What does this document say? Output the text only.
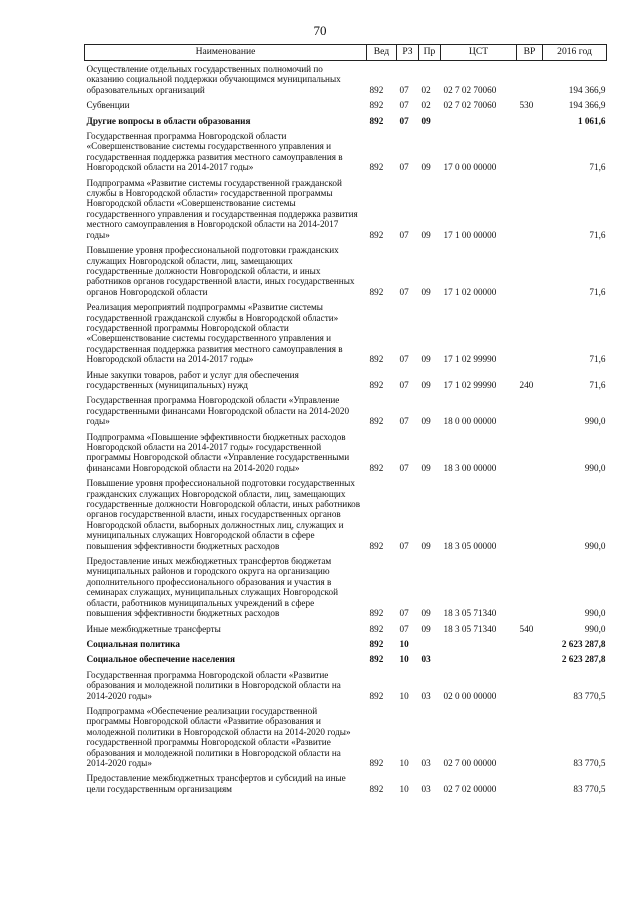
70
Наименование	Вед	РЗ	Пр	ЦСТ	ВР	2016 год
Осуществление отдельных государственных полномочий по оказанию социальной поддержки обучающимся муниципальных образовательных организаций	892	07	02	02 7 02 70060		194 366,9
Субвенции	892	07	02	02 7 02 70060	530	194 366,9
Другие вопросы в области образования	892	07	09			1 061,6
Государственная программа Новгородской области «Совершенствование системы государственного управления и государственная поддержка развития местного самоуправления в Новгородской области на 2014-2017 годы»	892	07	09	17 0 00 00000		71,6
Подпрограмма «Развитие системы государственной гражданской службы в Новгородской области» государственной программы Новгородской области «Совершенствование системы государственного управления и государственная поддержка развития местного самоуправления в Новгородской области на 2014-2017 годы»	892	07	09	17 1 00 00000		71,6
Повышение уровня профессиональной подготовки гражданских служащих Новгородской области, лиц, замещающих государственные должности Новгородской области, и иных работников органов государственной власти, иных государственных органов Новгородской области	892	07	09	17 1 02 00000		71,6
Реализация мероприятий подпрограммы «Развитие системы государственной гражданской службы в Новгородской области» государственной программы Новгородской области «Совершенствование системы государственного управления и государственная поддержка развития местного самоуправления в Новгородской области на 2014-2017 годы»	892	07	09	17 1 02 99990		71,6
Иные закупки товаров, работ и услуг для обеспечения государственных (муниципальных) нужд	892	07	09	17 1 02 99990	240	71,6
Государственная программа Новгородской области «Управление государственными финансами Новгородской области на 2014-2020 годы»	892	07	09	18 0 00 00000		990,0
Подпрограмма «Повышение эффективности бюджетных расходов Новгородской области на 2014-2017 годы» государственной программы Новгородской области «Управление государственными финансами Новгородской области на 2014-2020 годы»	892	07	09	18 3 00 00000		990,0
Повышение уровня профессиональной подготовки государственных гражданских служащих Новгородской области, лиц, замещающих государственные должности Новгородской области, иных работников органов государственной власти, иных государственных органов Новгородской области, выборных должностных лиц, служащих и муниципальных служащих Новгородской области в сфере повышения эффективности бюджетных расходов	892	07	09	18 3 05 00000		990,0
Предоставление иных межбюджетных трансфертов бюджетам муниципальных районов и городского округа на организацию дополнительного профессионального образования и участия в семинарах служащих, муниципальных служащих Новгородской области, работников муниципальных учреждений в сфере повышения эффективности бюджетных расходов	892	07	09	18 3 05 71340		990,0
Иные межбюджетные трансферты	892	07	09	18 3 05 71340	540	990,0
Социальная политика	892	10				2 623 287,8
Социальное обеспечение населения	892	10	03			2 623 287,8
Государственная программа Новгородской области «Развитие образования и молодежной политики в Новгородской области на 2014-2020 годы»	892	10	03	02 0 00 00000		83 770,5
Подпрограмма «Обеспечение реализации государственной программы Новгородской области «Развитие образования и молодежной политики в Новгородской области на 2014-2020 годы» государственной программы Новгородской области «Развитие образования и молодежной политики в Новгородской области на 2014-2020 годы»	892	10	03	02 7 00 00000		83 770,5
Предоставление межбюджетных трансфертов и субсидий на иные цели государственным организациям	892	10	03	02 7 02 00000		83 770,5
